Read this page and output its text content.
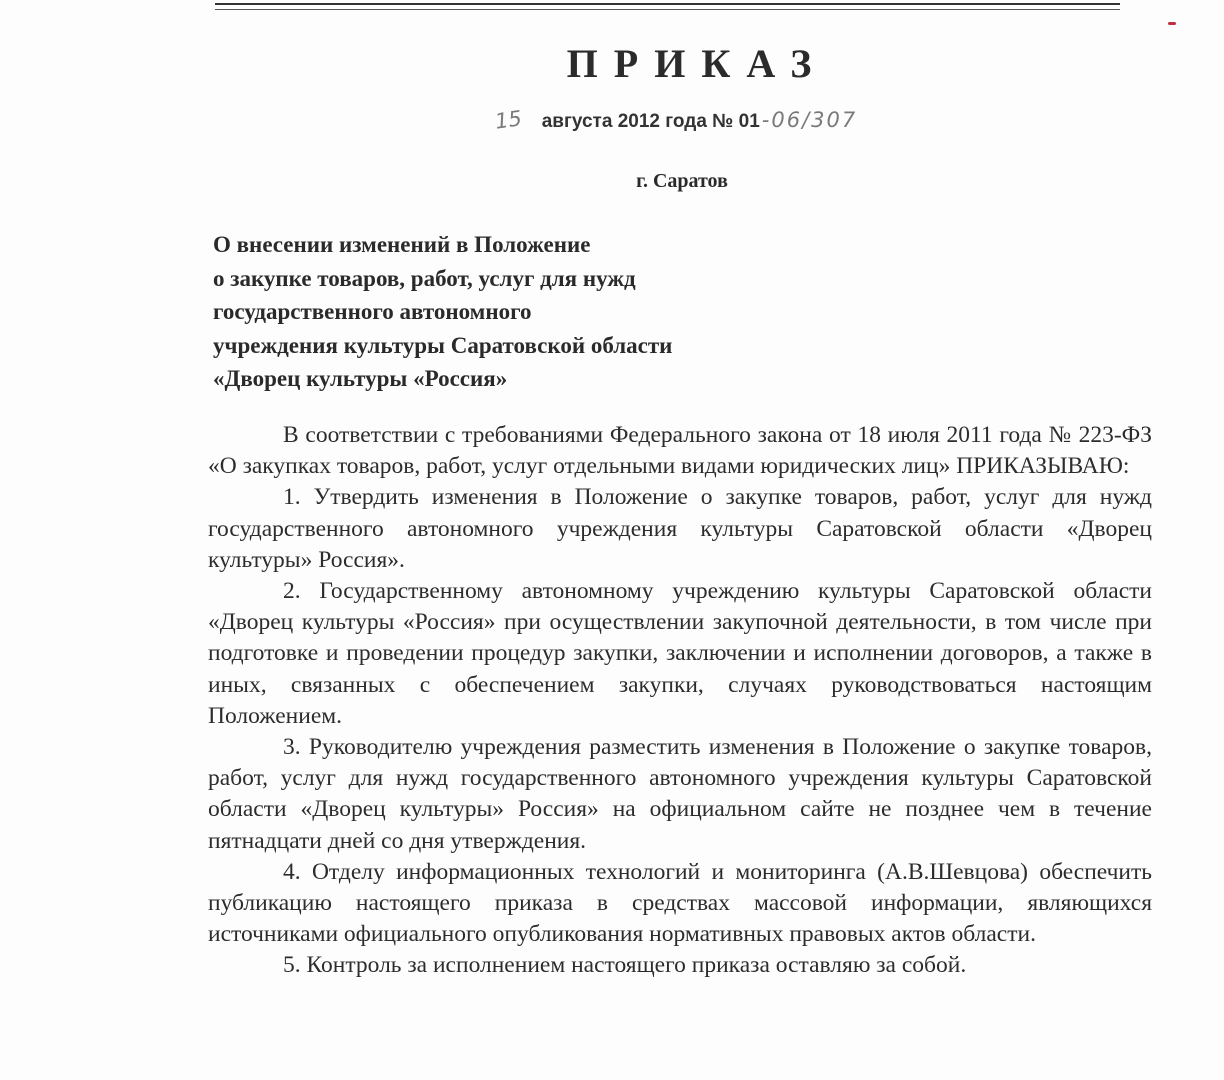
ПРИКАЗ
15 августа 2012 года № 01-06/307
г. Саратов
О внесении изменений в Положение
о закупке товаров, работ, услуг для нужд
государственного автономного
учреждения культуры Саратовской области
«Дворец культуры «Россия»

В соответствии с требованиями Федерального закона от 18 июля 2011 года № 223-ФЗ «О закупках товаров, работ, услуг отдельными видами юридических лиц» ПРИКАЗЫВАЮ:

1. Утвердить изменения в Положение о закупке товаров, работ, услуг для нужд государственного автономного учреждения культуры Саратовской области «Дворец культуры» Россия».

2. Государственному автономному учреждению культуры Саратовской области «Дворец культуры «Россия» при осуществлении закупочной деятельности, в том числе при подготовке и проведении процедур закупки, заключении и исполнении договоров, а также в иных, связанных с обеспечением закупки, случаях руководствоваться настоящим Положением.

3. Руководителю учреждения разместить изменения в Положение о закупке товаров, работ, услуг для нужд государственного автономного учреждения культуры Саратовской области «Дворец культуры» Россия» на официальном сайте не позднее чем в течение пятнадцати дней со дня утверждения.

4. Отделу информационных технологий и мониторинга (А.В.Шевцова) обеспечить публикацию настоящего приказа в средствах массовой информации, являющихся источниками официального опубликования нормативных правовых актов области.

5. Контроль за исполнением настоящего приказа оставляю за собой.
